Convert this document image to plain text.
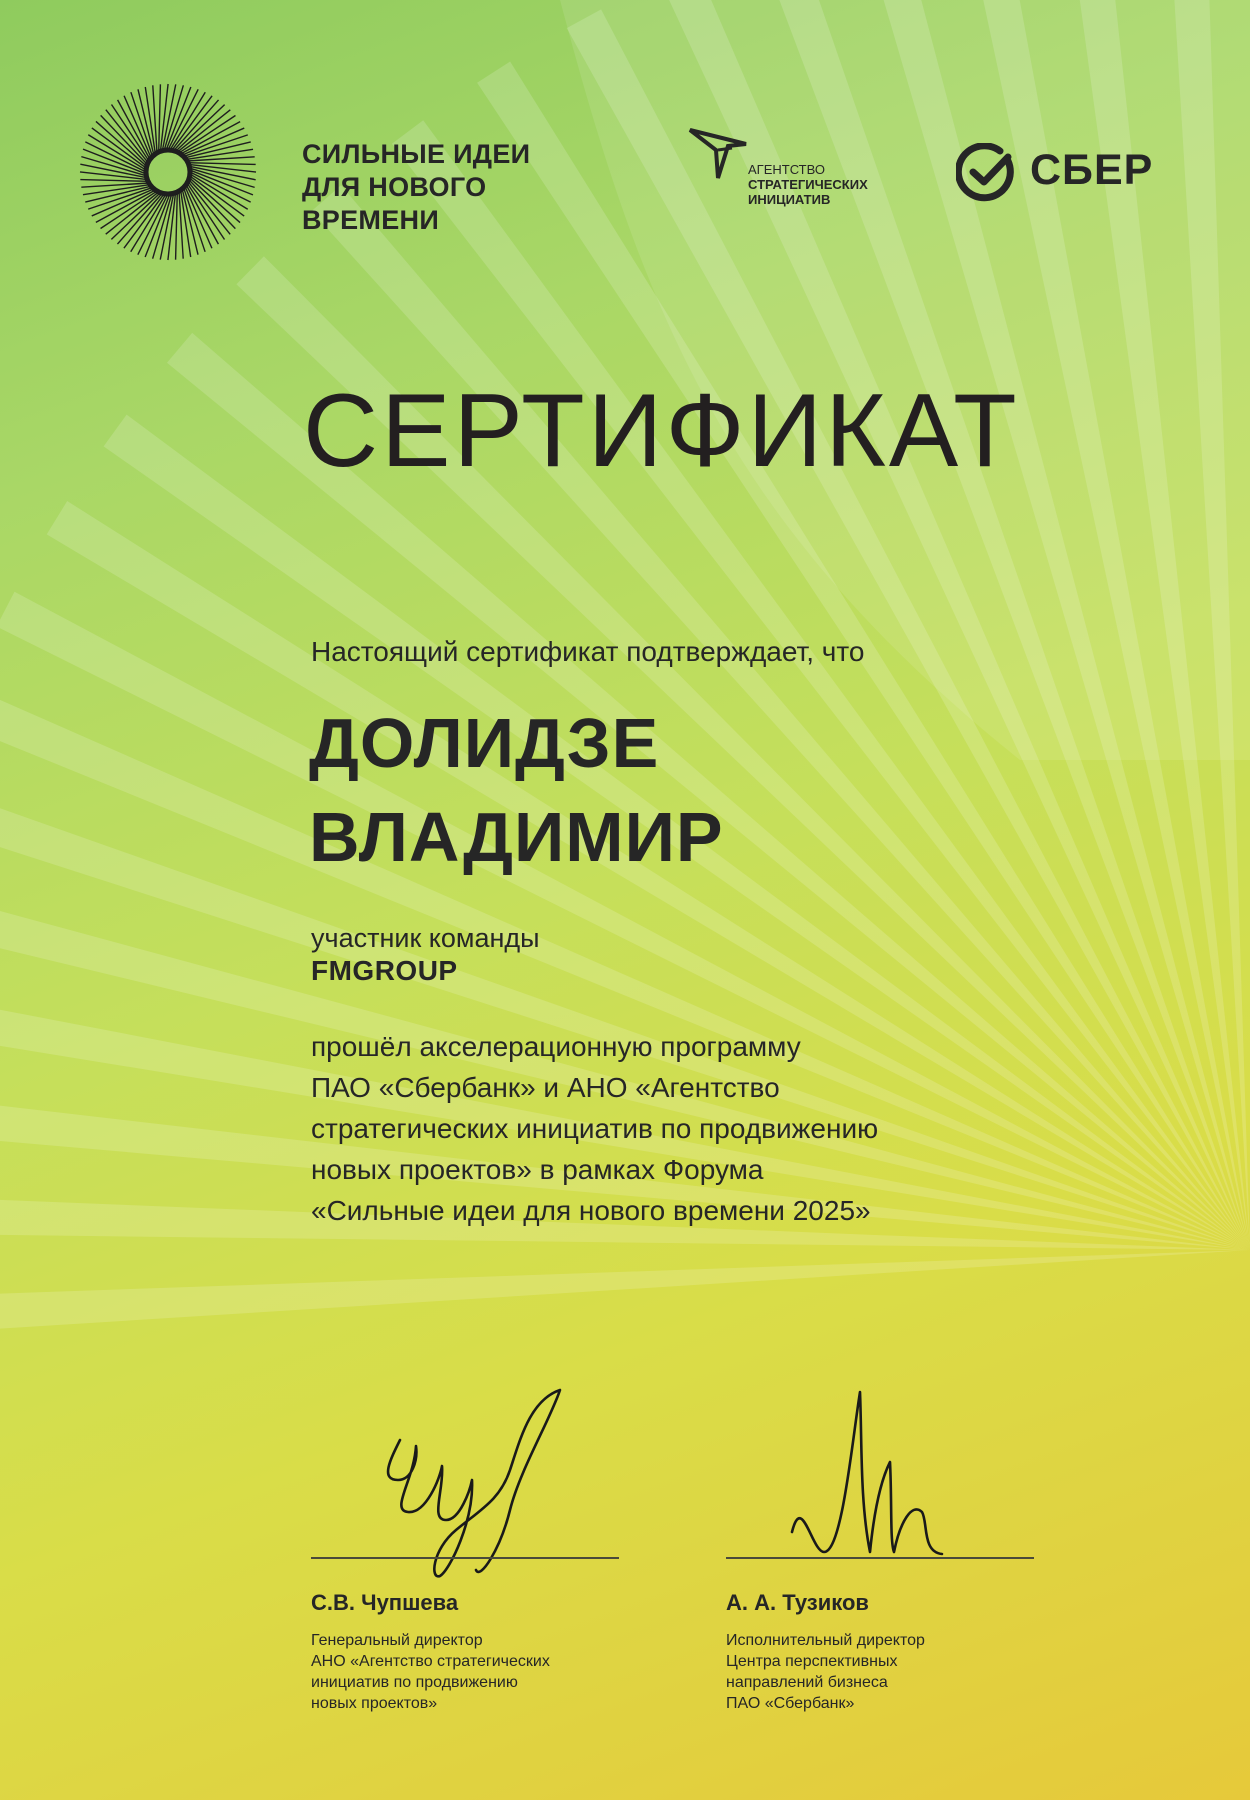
СИЛЬНЫЕ ИДЕИ
ДЛЯ НОВОГО
ВРЕМЕНИ
АГЕНТСТВО
СТРАТЕГИЧЕСКИХ
ИНИЦИАТИВ
СБЕР
СЕРТИФИКАТ
Настоящий сертификат подтверждает, что
ДОЛИДЗЕ
ВЛАДИМИР
участник команды
FMGROUP
прошёл акселерационную программу
ПАО «Сбербанк» и АНО «Агентство
стратегических инициатив по продвижению
новых проектов» в рамках Форума
«Сильные идеи для нового времени 2025»
С.В. Чупшева
Генеральный директор
АНО «Агентство стратегических
инициатив по продвижению
новых проектов»
А. А. Тузиков
Исполнительный директор
Центра перспективных
направлений бизнеса
ПАО «Сбербанк»
